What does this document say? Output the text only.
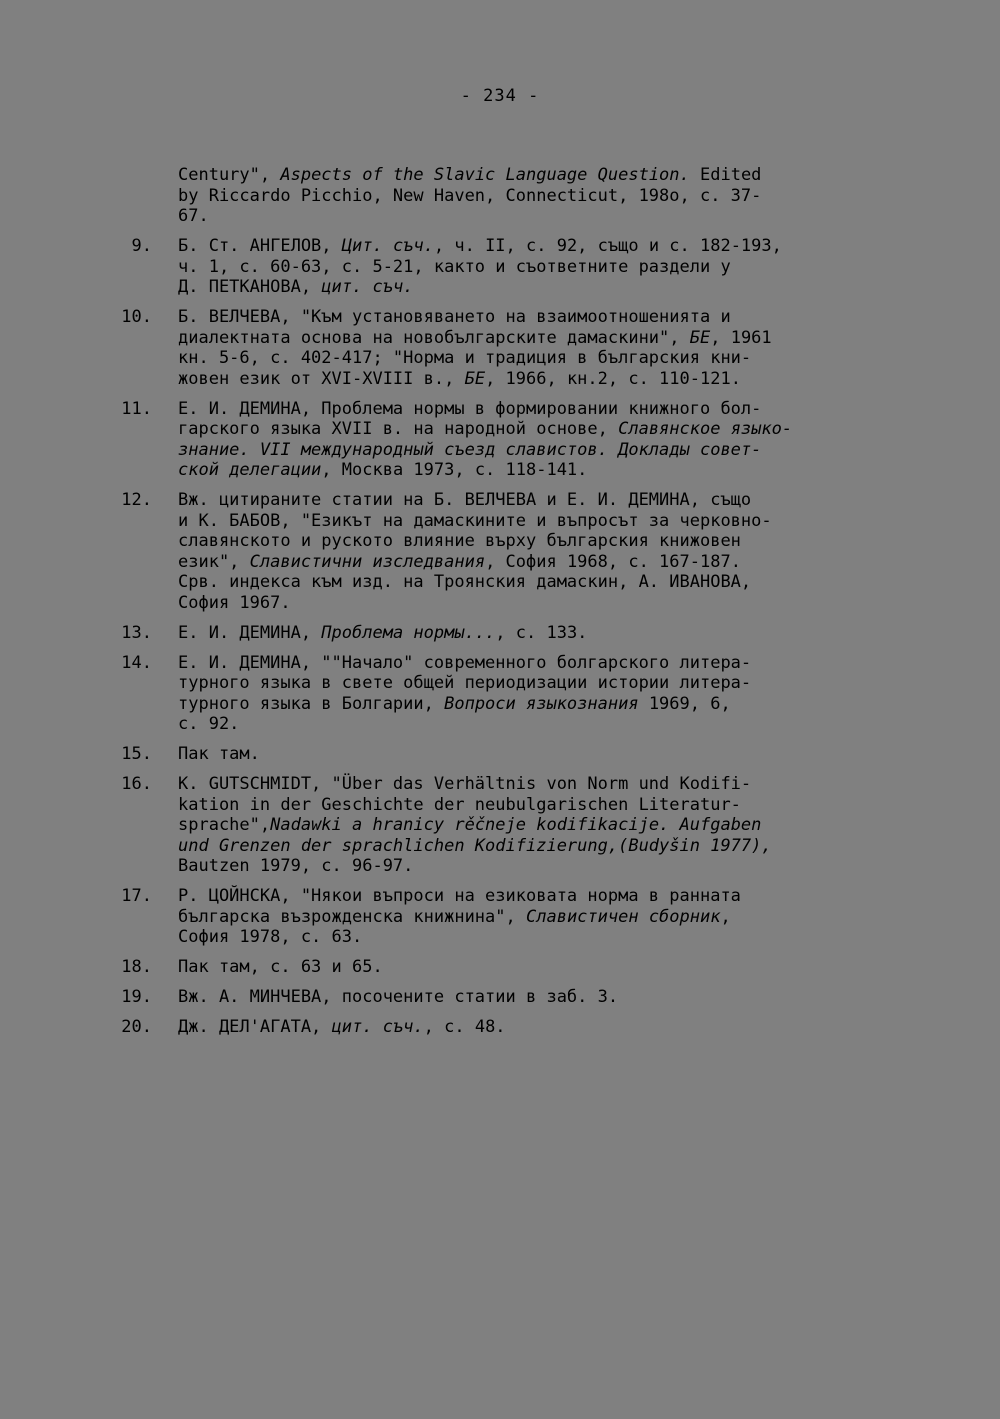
- 234 -
Century", Aspects of the Slavic Language Question. Edited
by Riccardo Picchio, New Haven, Connecticut, 198o, c. 37-
67.
9. Б. Ст. АНГЕЛОВ, Цит. съч., ч. II, с. 92, също и с. 182-193,
ч. 1, с. 60-63, с. 5-21, както и съответните раздели у
Д. ПЕТКАНОВА, цит. съч.
10. Б. ВЕЛЧЕВА, "Към установяването на взаимоотношенията и
диалектната основа на новобългарските дамаскини", БЕ, 1961
кн. 5-6, с. 402-417; "Норма и традиция в българския кни-
жовен език от XVI-XVIII в., БЕ, 1966, кн.2, с. 110-121.
11. Е. И. ДЕМИНА, Проблема нормы в формировании книжного бол-
гарского языка XVII в. на народной основе, Славянское языко-
знание. VII международный съезд славистов. Доклады совет-
ской делегации, Москва 1973, с. 118-141.
12. Вж. цитираните статии на Б. ВЕЛЧЕВА и Е. И. ДЕМИНА, също
и К. БАБОВ, "Езикът на дамаскините и въпросът за черковно-
славянското и руското влияние върху българския книжовен
език", Славистични изследвания, София 1968, с. 167-187.
Срв. индекса към изд. на Троянския дамаскин, А. ИВАНОВА,
София 1967.
13. Е. И. ДЕМИНА, Проблема нормы..., с. 133.
14. Е. И. ДЕМИНА, ""Начало" современного болгарского литера-
турного языка в свете общей периодизации истории литера-
турного языка в Болгарии, Вопроси языкознания 1969, 6,
с. 92.
15. Пак там.
16. K. GUTSCHMIDT, "Über das Verhältnis von Norm und Kodifi-
kation in der Geschichte der neubulgarischen Literatur-
sprache",Nadawki a hranicy rěčneje kodifikacije. Aufgaben
und Grenzen der sprachlichen Kodifizierung,(Budyšin 1977),
Bautzen 1979, c. 96-97.
17. Р. ЦОЙНСКА, "Някои въпроси на езиковата норма в ранната
българска възрожденска книжнина", Славистичен сборник,
София 1978, с. 63.
18. Пак там, с. 63 и 65.
19. Вж. А. МИНЧЕВА, посочените статии в заб. 3.
20. Дж. ДЕЛ'АГАТА, цит. съч., с. 48.
